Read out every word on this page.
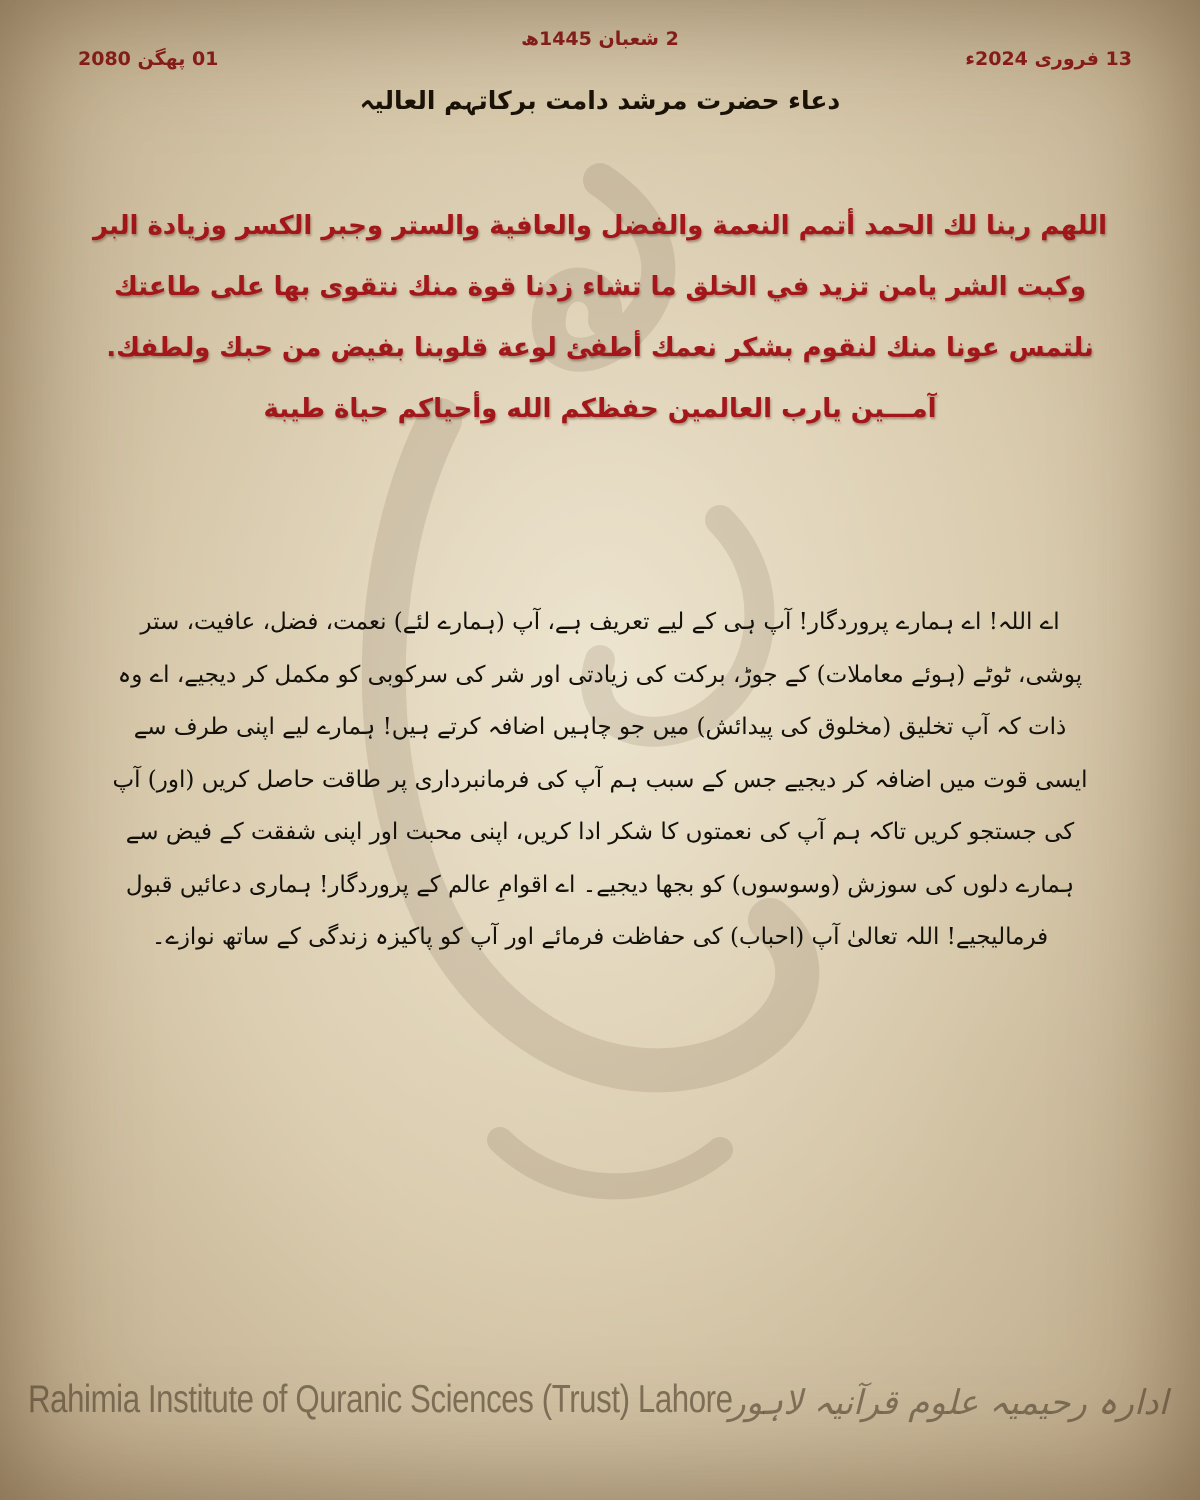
2 شعبان 1445ھ
13 فروری 2024ء
01 پھگن 2080
دعاء حضرت مرشد دامت برکاتہم العالیہ
اللهم ربنا لك الحمد أتمم النعمة والفضل والعافية والستر وجبر الكسر وزيادة البر وكبت الشر يامن تزيد في الخلق ما تشاء زدنا قوة منك نتقوى بها على طاعتك نلتمس عونا منك لنقوم بشكر نعمك أطفئ لوعة قلوبنا بفيض من حبك ولطفك. آمـــين يارب العالمين حفظكم الله وأحياكم حياة طيبة
اے اللہ! اے ہمارے پروردگار! آپ ہی کے لیے تعریف ہے، آپ (ہمارے لئے) نعمت، فضل، عافیت، ستر پوشی، ٹوٹے (ہوئے معاملات) کے جوڑ، برکت کی زیادتی اور شر کی سرکوبی کو مکمل کر دیجیے، اے وہ ذات کہ آپ تخلیق (مخلوق کی پیدائش) میں جو چاہیں اضافہ کرتے ہیں! ہمارے لیے اپنی طرف سے ایسی قوت میں اضافہ کر دیجیے جس کے سبب ہم آپ کی فرمانبرداری پر طاقت حاصل کریں (اور) آپ کی جستجو کریں تاکہ ہم آپ کی نعمتوں کا شکر ادا کریں، اپنی محبت اور اپنی شفقت کے فیض سے ہمارے دلوں کی سوزش (وسوسوں) کو بجھا دیجیے۔ اے اقوامِ عالم کے پروردگار! ہماری دعائیں قبول فرمالیجیے! اللہ تعالیٰ آپ (احباب) کی حفاظت فرمائے اور آپ کو پاکیزہ زندگی کے ساتھ نوازے۔
Rahimia Institute of Quranic Sciences (Trust) Lahore
ادارہ رحیمیہ علوم قرآنیہ لاہور
